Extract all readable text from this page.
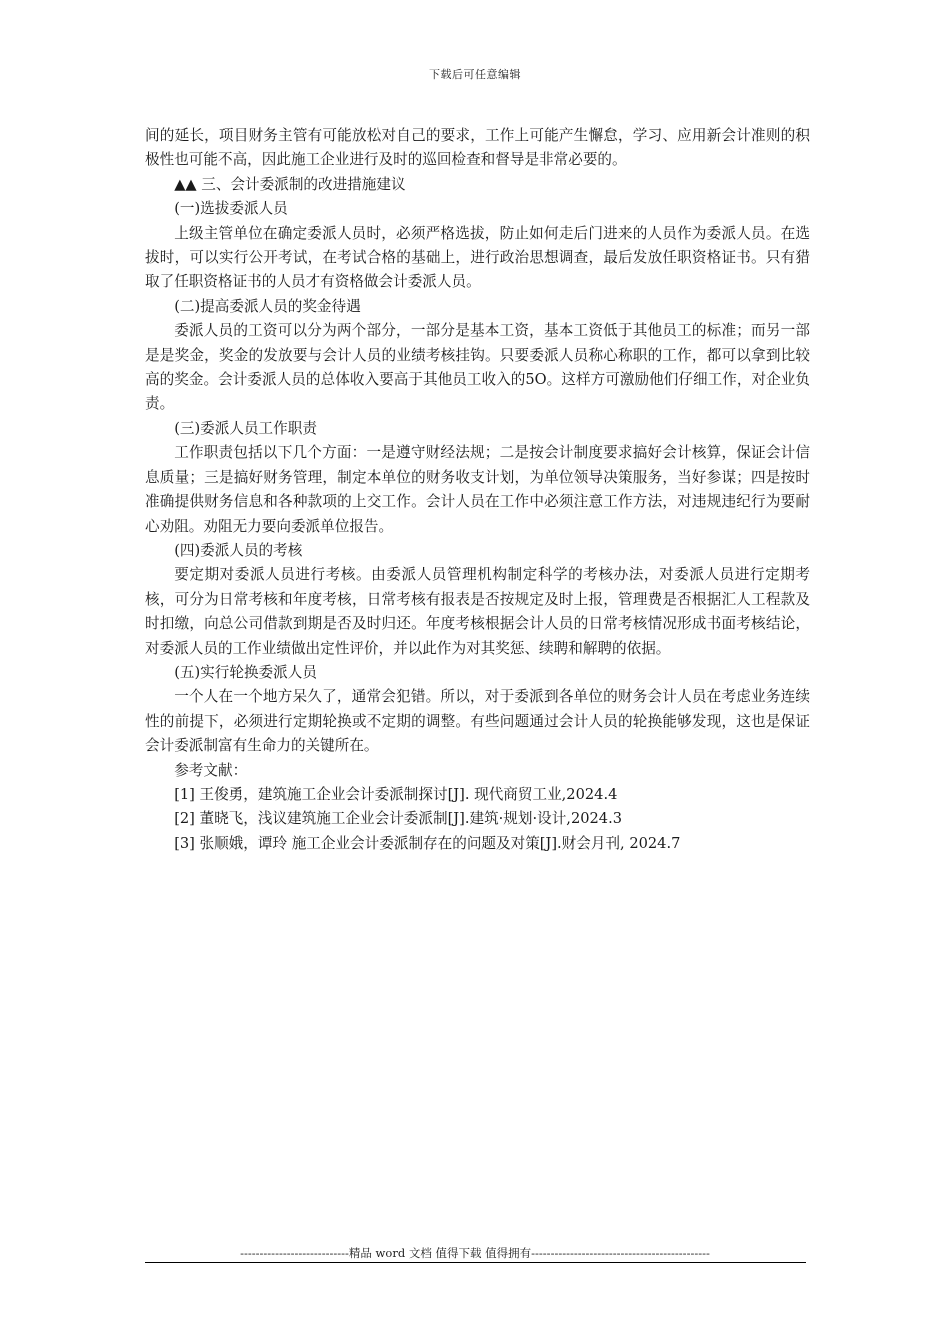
下载后可任意编辑

间的延长，项目财务主管有可能放松对自己的要求，工作上可能产生懈怠，学习、应用新会计准则的积极性也可能不高，因此施工企业进行及时的巡回检查和督导是非常必要的。

▲▲ 三、会计委派制的改进措施建议

(一)选拔委派人员

上级主管单位在确定委派人员时，必须严格选拔，防止如何走后门进来的人员作为委派人员。在选拔时，可以实行公开考试，在考试合格的基础上，进行政治思想调查，最后发放任职资格证书。只有猎取了任职资格证书的人员才有资格做会计委派人员。

(二)提高委派人员的奖金待遇

委派人员的工资可以分为两个部分，一部分是基本工资，基本工资低于其他员工的标准；而另一部是是奖金，奖金的发放要与会计人员的业绩考核挂钩。只要委派人员称心称职的工作，都可以拿到比较高的奖金。会计委派人员的总体收入要高于其他员工收入的5O。这样方可激励他们仔细工作，对企业负责。

(三)委派人员工作职责

工作职责包括以下几个方面：一是遵守财经法规；二是按会计制度要求搞好会计核算，保证会计信息质量；三是搞好财务管理，制定本单位的财务收支计划，为单位领导决策服务，当好参谋；四是按时准确提供财务信息和各种款项的上交工作。会计人员在工作中必须注意工作方法，对违规违纪行为要耐心劝阻。劝阻无力要向委派单位报告。

(四)委派人员的考核

要定期对委派人员进行考核。由委派人员管理机构制定科学的考核办法，对委派人员进行定期考核，可分为日常考核和年度考核，日常考核有报表是否按规定及时上报，管理费是否根据汇人工程款及时扣缴，向总公司借款到期是否及时归还。年度考核根据会计人员的日常考核情况形成书面考核结论，对委派人员的工作业绩做出定性评价，并以此作为对其奖惩、续聘和解聘的依据。

(五)实行轮换委派人员

一个人在一个地方呆久了，通常会犯错。所以，对于委派到各单位的财务会计人员在考虑业务连续性的前提下，必须进行定期轮换或不定期的调整。有些问题通过会计人员的轮换能够发现，这也是保证会计委派制富有生命力的关键所在。

参考文献：

[1] 王俊勇，建筑施工企业会计委派制探讨[J]. 现代商贸工业,2024.4

[2] 董晓飞，浅议建筑施工企业会计委派制[J].建筑·规划·设计,2024.3

[3] 张顺娥，谭玲 施工企业会计委派制存在的问题及对策[J].财会月刊, 2024.7

----------------------------精品 word 文档 值得下载 值得拥有----------------------------------------------
